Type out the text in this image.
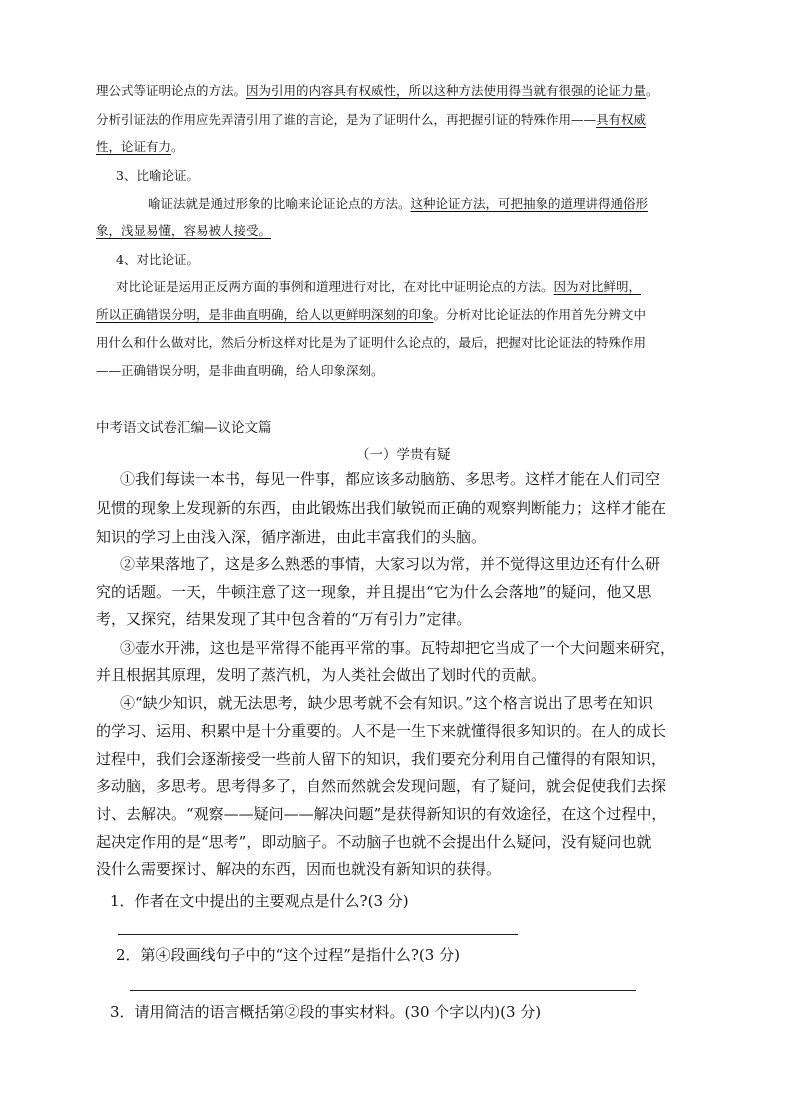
理公式等证明论点的方法。因为引用的内容具有权威性，所以这种方法使用得当就有很强的论证力量。
分析引证法的作用应先弄清引用了谁的言论，是为了证明什么，再把握引证的特殊作用——具有权威
性，论证有力。
3、比喻论证。
喻证法就是通过形象的比喻来论证论点的方法。这种论证方法，可把抽象的道理讲得通俗形
象，浅显易懂，容易被人接受。
4、对比论证。
对比论证是运用正反两方面的事例和道理进行对比，在对比中证明论点的方法。因为对比鲜明，
所以正确错误分明，是非曲直明确，给人以更鲜明深刻的印象。分析对比论证法的作用首先分辨文中
用什么和什么做对比，然后分析这样对比是为了证明什么论点的，最后，把握对比论证法的特殊作用
——正确错误分明，是非曲直明确，给人印象深刻。
中考语文试卷汇编—议论文篇
（一）学贵有疑
①我们每读一本书，每见一件事，都应该多动脑筋、多思考。这样才能在人们司空
见惯的现象上发现新的东西，由此锻炼出我们敏锐而正确的观察判断能力；这样才能在
知识的学习上由浅入深，循序渐进，由此丰富我们的头脑。
②苹果落地了，这是多么熟悉的事情，大家习以为常，并不觉得这里边还有什么研
究的话题。一天，牛顿注意了这一现象，并且提出“它为什么会落地”的疑问，他又思
考，又探究，结果发现了其中包含着的“万有引力”定律。
③壶水开沸，这也是平常得不能再平常的事。瓦特却把它当成了一个大问题来研究，
并且根据其原理，发明了蒸汽机，为人类社会做出了划时代的贡献。
④“缺少知识，就无法思考，缺少思考就不会有知识。”这个格言说出了思考在知识
的学习、运用、积累中是十分重要的。人不是一生下来就懂得很多知识的。在人的成长
过程中，我们会逐渐接受一些前人留下的知识，我们要充分利用自己懂得的有限知识，
多动脑，多思考。思考得多了，自然而然就会发现问题，有了疑问，就会促使我们去探
讨、去解决。“观察——疑问——解决问题”是获得新知识的有效途径，在这个过程中，
起决定作用的是“思考”，即动脑子。不动脑子也就不会提出什么疑问，没有疑问也就
没什么需要探讨、解决的东西，因而也就没有新知识的获得。
1．作者在文中提出的主要观点是什么?(3 分)
2．第④段画线句子中的“这个过程”是指什么?(3 分)
3．请用简洁的语言概括第②段的事实材料。(30 个字以内)(3 分)
